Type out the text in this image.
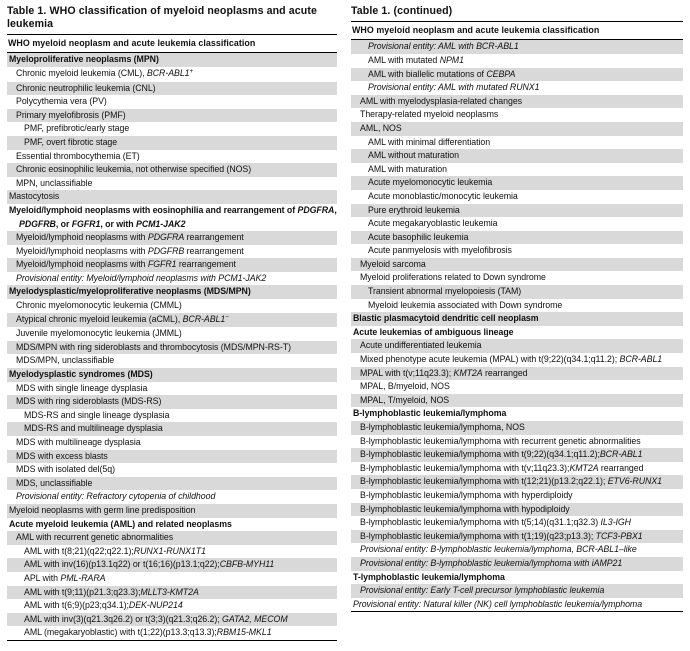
Table 1. WHO classification of myeloid neoplasms and acute leukemia
WHO myeloid neoplasm and acute leukemia classification
Myeloproliferative neoplasms (MPN)
Chronic myeloid leukemia (CML), BCR-ABL1+
Chronic neutrophilic leukemia (CNL)
Polycythemia vera (PV)
Primary myelofibrosis (PMF)
PMF, prefibrotic/early stage
PMF, overt fibrotic stage
Essential thrombocythemia (ET)
Chronic eosinophilic leukemia, not otherwise specified (NOS)
MPN, unclassifiable
Mastocytosis
Myeloid/lymphoid neoplasms with eosinophilia and rearrangement of PDGFRA, PDGFRB, or FGFR1, or with PCM1-JAK2
Myeloid/lymphoid neoplasms with PDGFRA rearrangement
Myeloid/lymphoid neoplasms with PDGFRB rearrangement
Myeloid/lymphoid neoplasms with FGFR1 rearrangement
Provisional entity: Myeloid/lymphoid neoplasms with PCM1-JAK2
Myelodysplastic/myeloproliferative neoplasms (MDS/MPN)
Chronic myelomonocytic leukemia (CMML)
Atypical chronic myeloid leukemia (aCML), BCR-ABL1−
Juvenile myelomonocytic leukemia (JMML)
MDS/MPN with ring sideroblasts and thrombocytosis (MDS/MPN-RS-T)
MDS/MPN, unclassifiable
Myelodysplastic syndromes (MDS)
MDS with single lineage dysplasia
MDS with ring sideroblasts (MDS-RS)
MDS-RS and single lineage dysplasia
MDS-RS and multilineage dysplasia
MDS with multilineage dysplasia
MDS with excess blasts
MDS with isolated del(5q)
MDS, unclassifiable
Provisional entity: Refractory cytopenia of childhood
Myeloid neoplasms with germ line predisposition
Acute myeloid leukemia (AML) and related neoplasms
AML with recurrent genetic abnormalities
AML with t(8;21)(q22;q22.1);RUNX1-RUNX1T1
AML with inv(16)(p13.1q22) or t(16;16)(p13.1;q22);CBFB-MYH11
APL with PML-RARA
AML with t(9;11)(p21.3;q23.3);MLLT3-KMT2A
AML with t(6;9)(p23;q34.1);DEK-NUP214
AML with inv(3)(q21.3q26.2) or t(3;3)(q21.3;q26.2); GATA2, MECOM
AML (megakaryoblastic) with t(1;22)(p13.3;q13.3);RBM15-MKL1
Table 1. (continued)
WHO myeloid neoplasm and acute leukemia classification
Provisional entity: AML with BCR-ABL1
AML with mutated NPM1
AML with biallelic mutations of CEBPA
Provisional entity: AML with mutated RUNX1
AML with myelodysplasia-related changes
Therapy-related myeloid neoplasms
AML, NOS
AML with minimal differentiation
AML without maturation
AML with maturation
Acute myelomonocytic leukemia
Acute monoblastic/monocytic leukemia
Pure erythroid leukemia
Acute megakaryoblastic leukemia
Acute basophilic leukemia
Acute panmyelosis with myelofibrosis
Myeloid sarcoma
Myeloid proliferations related to Down syndrome
Transient abnormal myelopoiesis (TAM)
Myeloid leukemia associated with Down syndrome
Blastic plasmacytoid dendritic cell neoplasm
Acute leukemias of ambiguous lineage
Acute undifferentiated leukemia
Mixed phenotype acute leukemia (MPAL) with t(9;22)(q34.1;q11.2); BCR-ABL1
MPAL with t(v;11q23.3); KMT2A rearranged
MPAL, B/myeloid, NOS
MPAL, T/myeloid, NOS
B-lymphoblastic leukemia/lymphoma
B-lymphoblastic leukemia/lymphoma, NOS
B-lymphoblastic leukemia/lymphoma with recurrent genetic abnormalities
B-lymphoblastic leukemia/lymphoma with t(9;22)(q34.1;q11.2);BCR-ABL1
B-lymphoblastic leukemia/lymphoma with t(v;11q23.3);KMT2A rearranged
B-lymphoblastic leukemia/lymphoma with t(12;21)(p13.2;q22.1); ETV6-RUNX1
B-lymphoblastic leukemia/lymphoma with hyperdiploidy
B-lymphoblastic leukemia/lymphoma with hypodiploidy
B-lymphoblastic leukemia/lymphoma with t(5;14)(q31.1;q32.3) IL3-IGH
B-lymphoblastic leukemia/lymphoma with t(1;19)(q23;p13.3); TCF3-PBX1
Provisional entity: B-lymphoblastic leukemia/lymphoma, BCR-ABL1–like
Provisional entity: B-lymphoblastic leukemia/lymphoma with iAMP21
T-lymphoblastic leukemia/lymphoma
Provisional entity: Early T-cell precursor lymphoblastic leukemia
Provisional entity: Natural killer (NK) cell lymphoblastic leukemia/lymphoma
